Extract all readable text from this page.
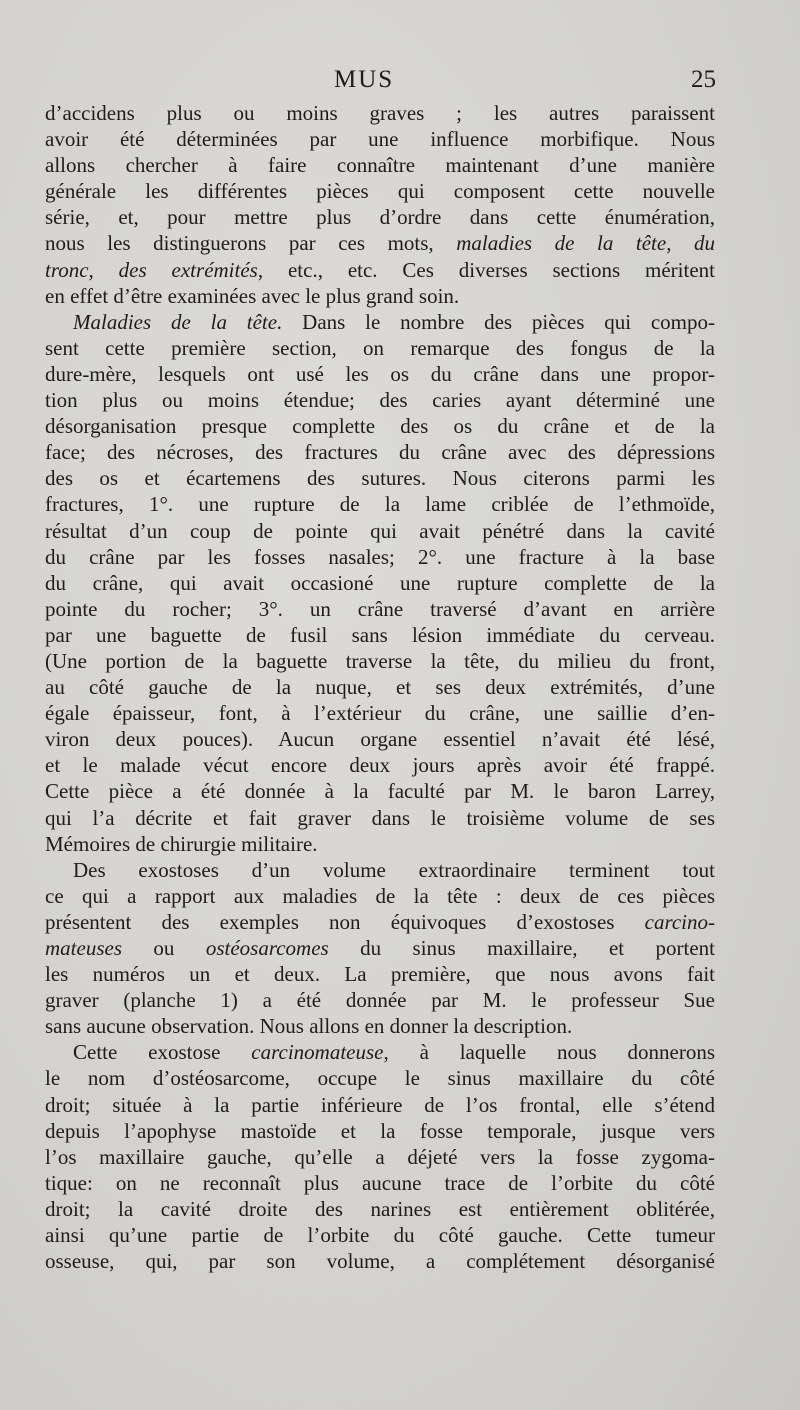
MUS	25

d’accidens plus ou moins graves ; les autres paraissent

avoir été déterminées par une influence morbifique. Nous

allons chercher à faire connaître maintenant d’une manière

générale les différentes pièces qui composent cette nouvelle

série, et, pour mettre plus d’ordre dans cette énumération,

nous les distinguerons par ces mots, maladies de la tête, du

tronc, des extrémités, etc., etc. Ces diverses sections méritent

en effet d’être examinées avec le plus grand soin.

Maladies de la tête. Dans le nombre des pièces qui compo-

sent cette première section, on remarque des fongus de la

dure-mère, lesquels ont usé les os du crâne dans une propor-

tion plus ou moins étendue; des caries ayant déterminé une

désorganisation presque complette des os du crâne et de la

face; des nécroses, des fractures du crâne avec des dépressions

des os et écartemens des sutures. Nous citerons parmi les

fractures, 1°. une rupture de la lame criblée de l’ethmoïde,

résultat d’un coup de pointe qui avait pénétré dans la cavité

du crâne par les fosses nasales; 2°. une fracture à la base

du crâne, qui avait occasioné une rupture complette de la

pointe du rocher; 3°. un crâne traversé d’avant en arrière

par une baguette de fusil sans lésion immédiate du cerveau.

(Une portion de la baguette traverse la tête, du milieu du front,

au côté gauche de la nuque, et ses deux extrémités, d’une

égale épaisseur, font, à l’extérieur du crâne, une saillie d’en-

viron deux pouces). Aucun organe essentiel n’avait été lésé,

et le malade vécut encore deux jours après avoir été frappé.

Cette pièce a été donnée à la faculté par M. le baron Larrey,

qui l’a décrite et fait graver dans le troisième volume de ses

Mémoires de chirurgie militaire.

Des exostoses d’un volume extraordinaire terminent tout

ce qui a rapport aux maladies de la tête : deux de ces pièces

présentent des exemples non équivoques d’exostoses carcino-

mateuses ou ostéosarcomes du sinus maxillaire, et portent

les numéros un et deux. La première, que nous avons fait

graver (planche 1) a été donnée par M. le professeur Sue

sans aucune observation. Nous allons en donner la description.

Cette exostose carcinomateuse, à laquelle nous donnerons

le nom d’ostéosarcome, occupe le sinus maxillaire du côté

droit; située à la partie inférieure de l’os frontal, elle s’étend

depuis l’apophyse mastoïde et la fosse temporale, jusque vers

l’os maxillaire gauche, qu’elle a déjeté vers la fosse zygoma-

tique: on ne reconnaît plus aucune trace de l’orbite du côté

droit; la cavité droite des narines est entièrement oblitérée,

ainsi qu’une partie de l’orbite du côté gauche. Cette tumeur

osseuse, qui, par son volume, a complétement désorganisé
